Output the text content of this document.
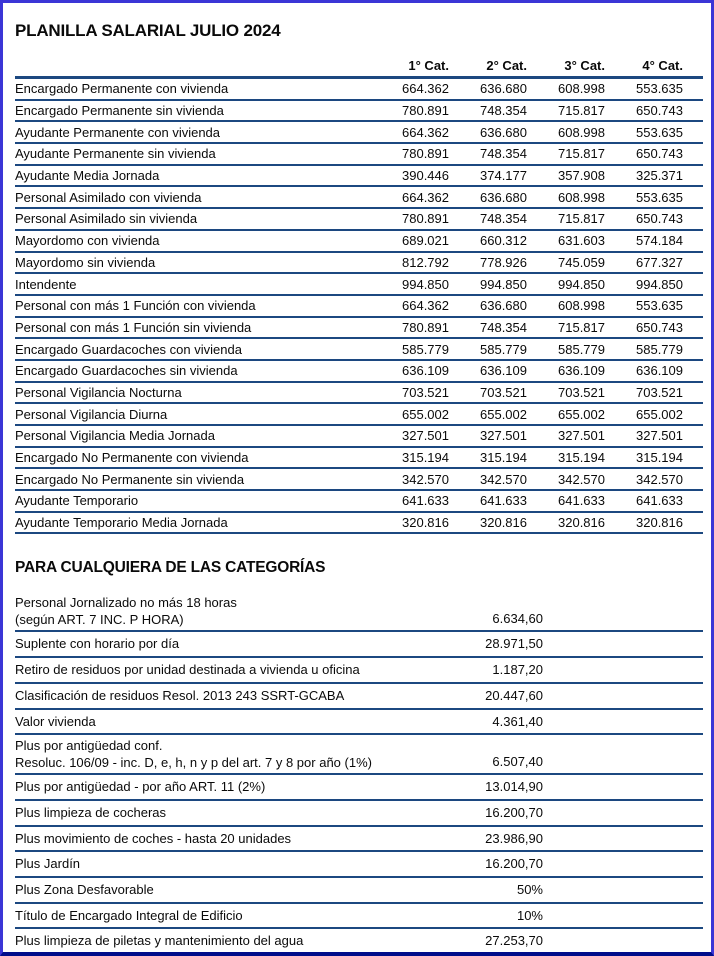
PLANILLA SALARIAL JULIO 2024
	1° Cat.	2° Cat.	3° Cat.	4° Cat.	
Encargado Permanente con vivienda	664.362	636.680	608.998	553.635	
Encargado Permanente sin vivienda	780.891	748.354	715.817	650.743	
Ayudante Permanente con vivienda	664.362	636.680	608.998	553.635	
Ayudante Permanente sin vivienda	780.891	748.354	715.817	650.743	
Ayudante Media Jornada	390.446	374.177	357.908	325.371	
Personal Asimilado con vivienda	664.362	636.680	608.998	553.635	
Personal Asimilado sin vivienda	780.891	748.354	715.817	650.743	
Mayordomo con vivienda	689.021	660.312	631.603	574.184	
Mayordomo sin vivienda	812.792	778.926	745.059	677.327	
Intendente	994.850	994.850	994.850	994.850	
Personal con más 1 Función con vivienda	664.362	636.680	608.998	553.635	
Personal con más 1 Función sin vivienda	780.891	748.354	715.817	650.743	
Encargado Guardacoches con vivienda	585.779	585.779	585.779	585.779	
Encargado Guardacoches sin vivienda	636.109	636.109	636.109	636.109	
Personal Vigilancia Nocturna	703.521	703.521	703.521	703.521	
Personal Vigilancia Diurna	655.002	655.002	655.002	655.002	
Personal Vigilancia Media Jornada	327.501	327.501	327.501	327.501	
Encargado No Permanente con vivienda	315.194	315.194	315.194	315.194	
Encargado No Permanente sin vivienda	342.570	342.570	342.570	342.570	
Ayudante Temporario	641.633	641.633	641.633	641.633	
Ayudante Temporario Media Jornada	320.816	320.816	320.816	320.816	
PARA CUALQUIERA DE LAS CATEGORÍAS
Personal Jornalizado no más 18 horas
(según ART. 7 INC. P HORA)	6.634,60	

Suplente con horario por día	28.971,50	

Retiro de residuos por unidad destinada a vivienda u oficina	1.187,20	

Clasificación de residuos Resol. 2013 243 SSRT-GCABA	20.447,60	

Valor vivienda	4.361,40	

Plus por antigüedad conf.
Resoluc. 106/09 - inc. D, e, h, n y p del art. 7 y 8 por año (1%)	6.507,40	

Plus por antigüedad - por año ART. 11 (2%)	13.014,90	

Plus limpieza de cocheras	16.200,70	

Plus movimiento de coches - hasta 20 unidades	23.986,90	

Plus Jardín	16.200,70	

Plus Zona Desfavorable	50%	

Título de Encargado Integral de Edificio	10%	

Plus limpieza de piletas y mantenimiento del agua	27.253,70	
